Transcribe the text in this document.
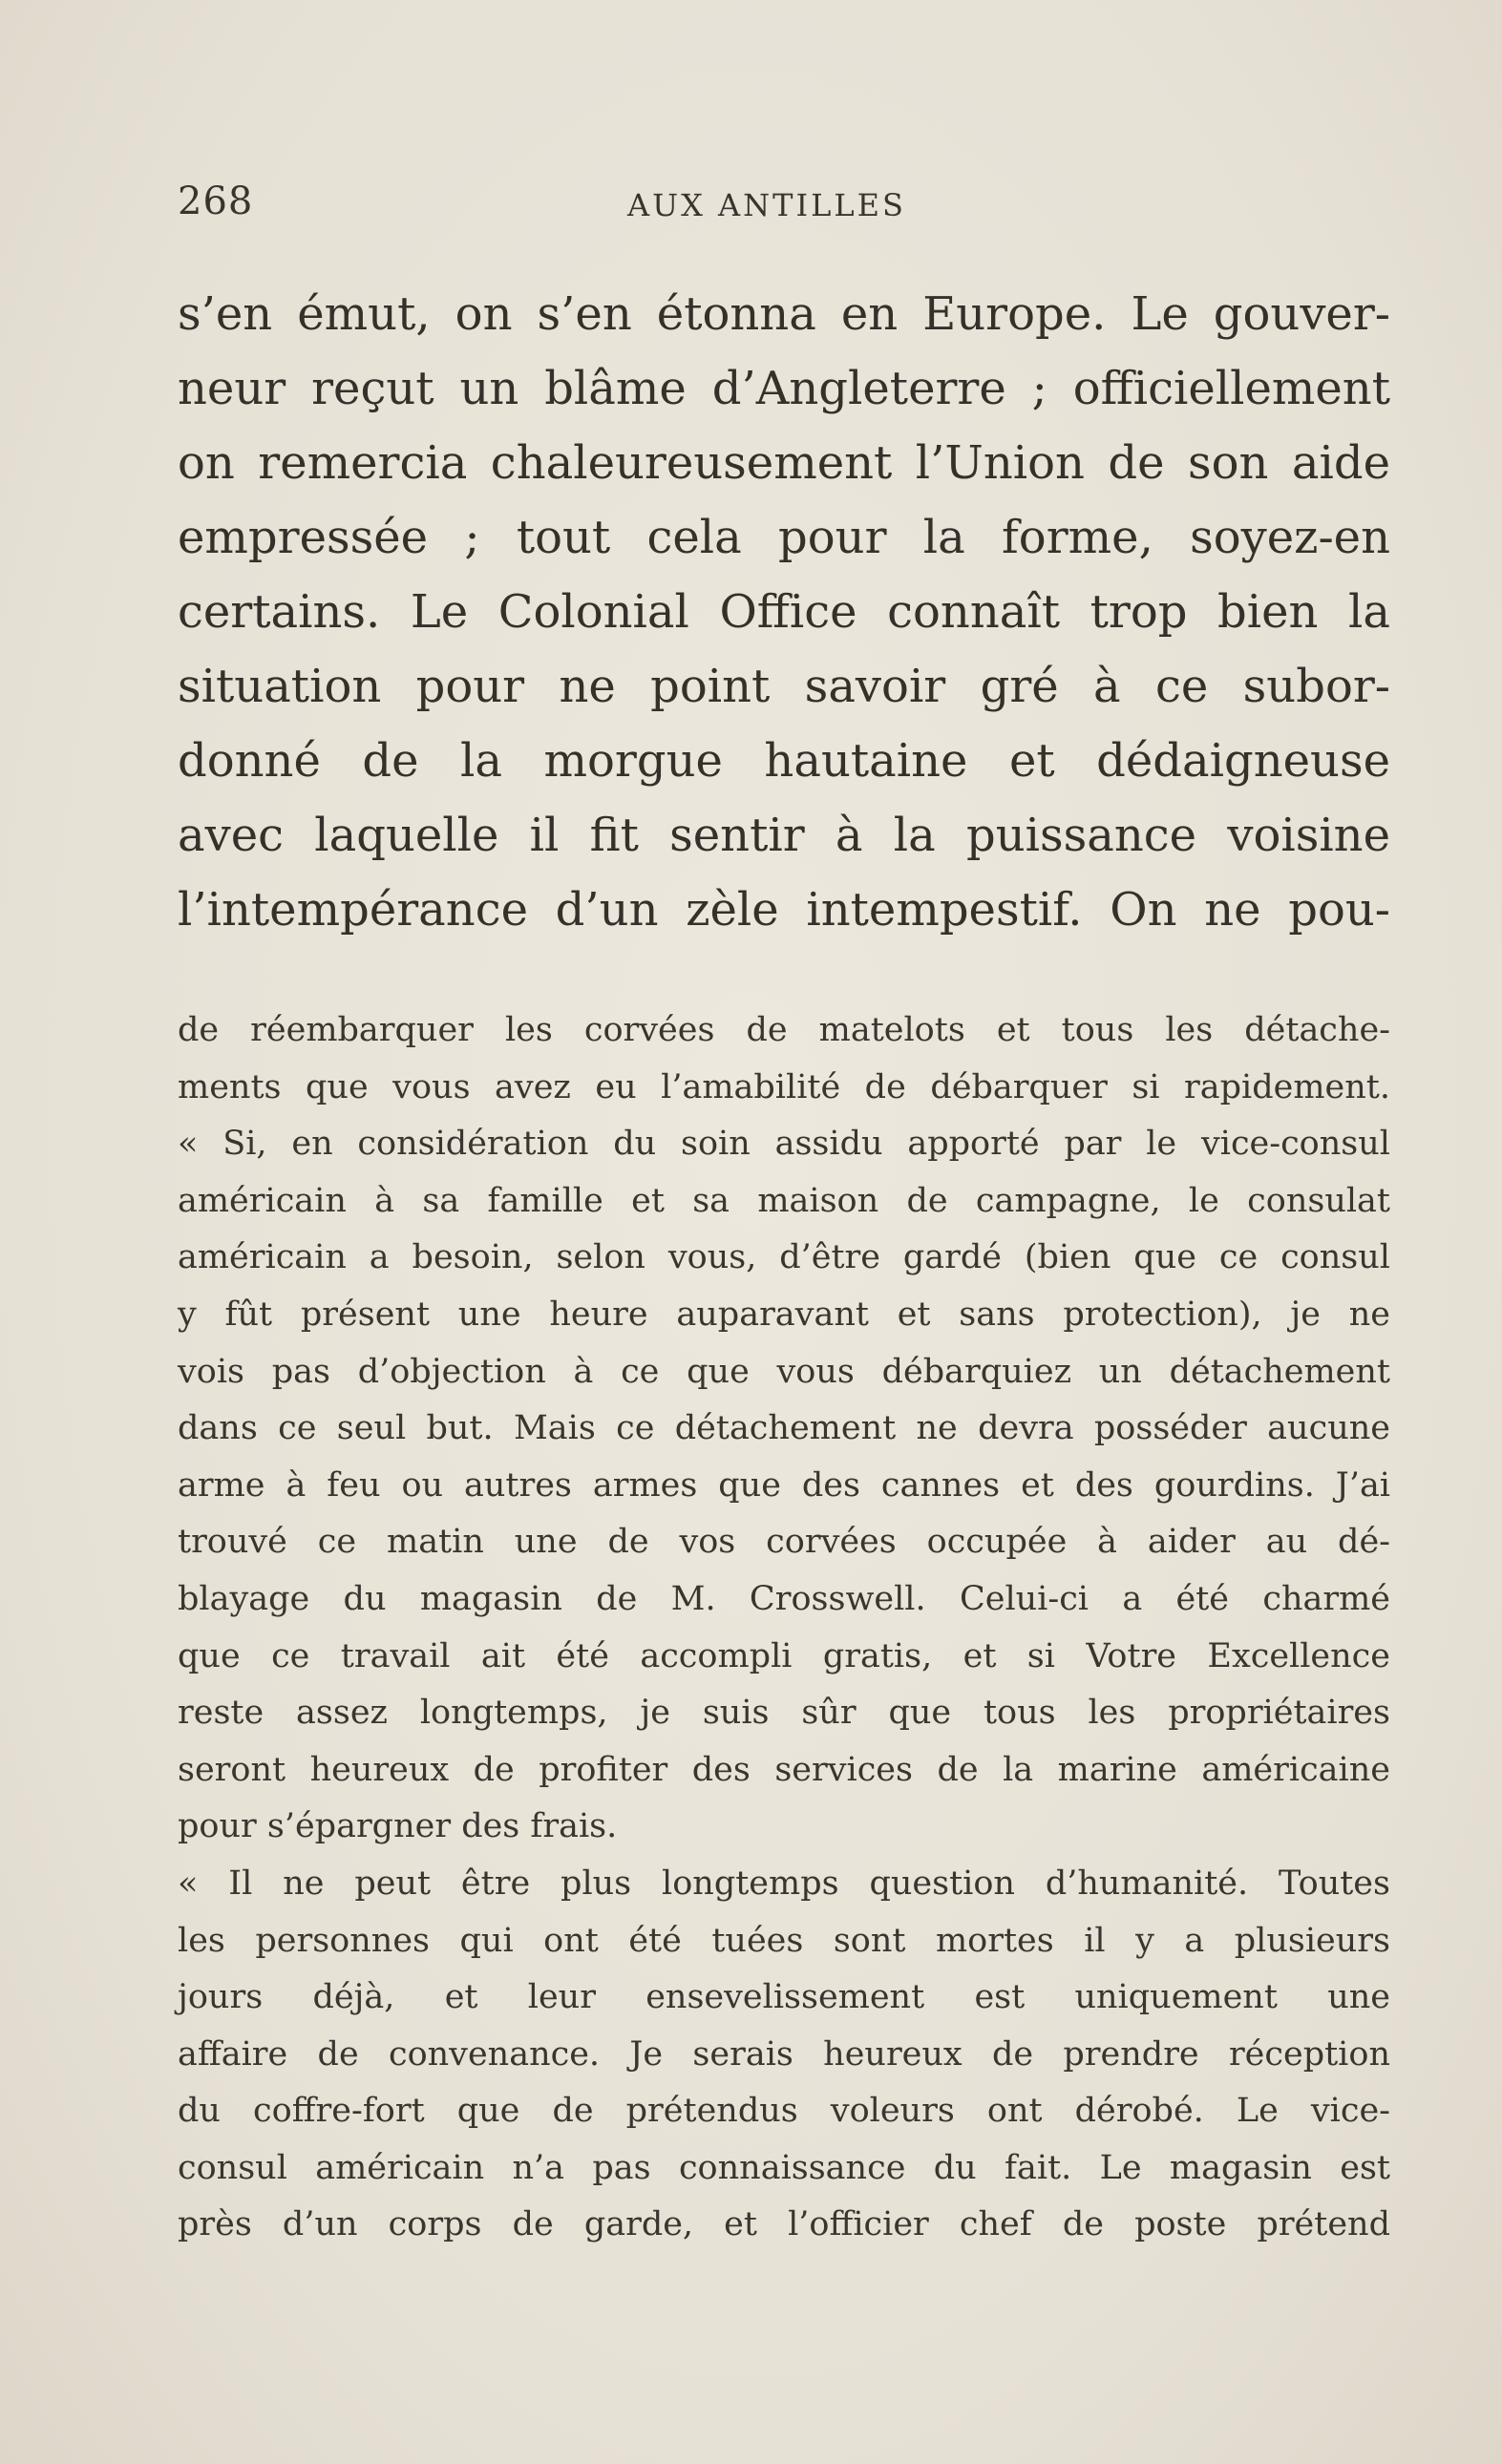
268	AUX ANTILLES
s’en émut, on s’en étonna en Europe. Le gouver-
neur reçut un blâme d’Angleterre ; officiellement
on remercia chaleureusement l’Union de son aide
empressée ; tout cela pour la forme, soyez-en
certains. Le Colonial Office connaît trop bien la
situation pour ne point savoir gré à ce subor-
donné de la morgue hautaine et dédaigneuse
avec laquelle il fit sentir à la puissance voisine
l’intempérance d’un zèle intempestif. On ne pou-
de réembarquer les corvées de matelots et tous les détache-
ments que vous avez eu l’amabilité de débarquer si rapidement.
« Si, en considération du soin assidu apporté par le vice-consul
américain à sa famille et sa maison de campagne, le consulat
américain a besoin, selon vous, d’être gardé (bien que ce consul
y fût présent une heure auparavant et sans protection), je ne
vois pas d’objection à ce que vous débarquiez un détachement
dans ce seul but. Mais ce détachement ne devra posséder aucune
arme à feu ou autres armes que des cannes et des gourdins. J’ai
trouvé ce matin une de vos corvées occupée à aider au dé-
blayage du magasin de M. Crosswell. Celui-ci a été charmé
que ce travail ait été accompli gratis, et si Votre Excellence
reste assez longtemps, je suis sûr que tous les propriétaires
seront heureux de profiter des services de la marine américaine
pour s’épargner des frais.
« Il ne peut être plus longtemps question d’humanité. Toutes
les personnes qui ont été tuées sont mortes il y a plusieurs
jours déjà, et leur ensevelissement est uniquement une
affaire de convenance. Je serais heureux de prendre réception
du coffre-fort que de prétendus voleurs ont dérobé. Le vice-
consul américain n’a pas connaissance du fait. Le magasin est
près d’un corps de garde, et l’officier chef de poste prétend
